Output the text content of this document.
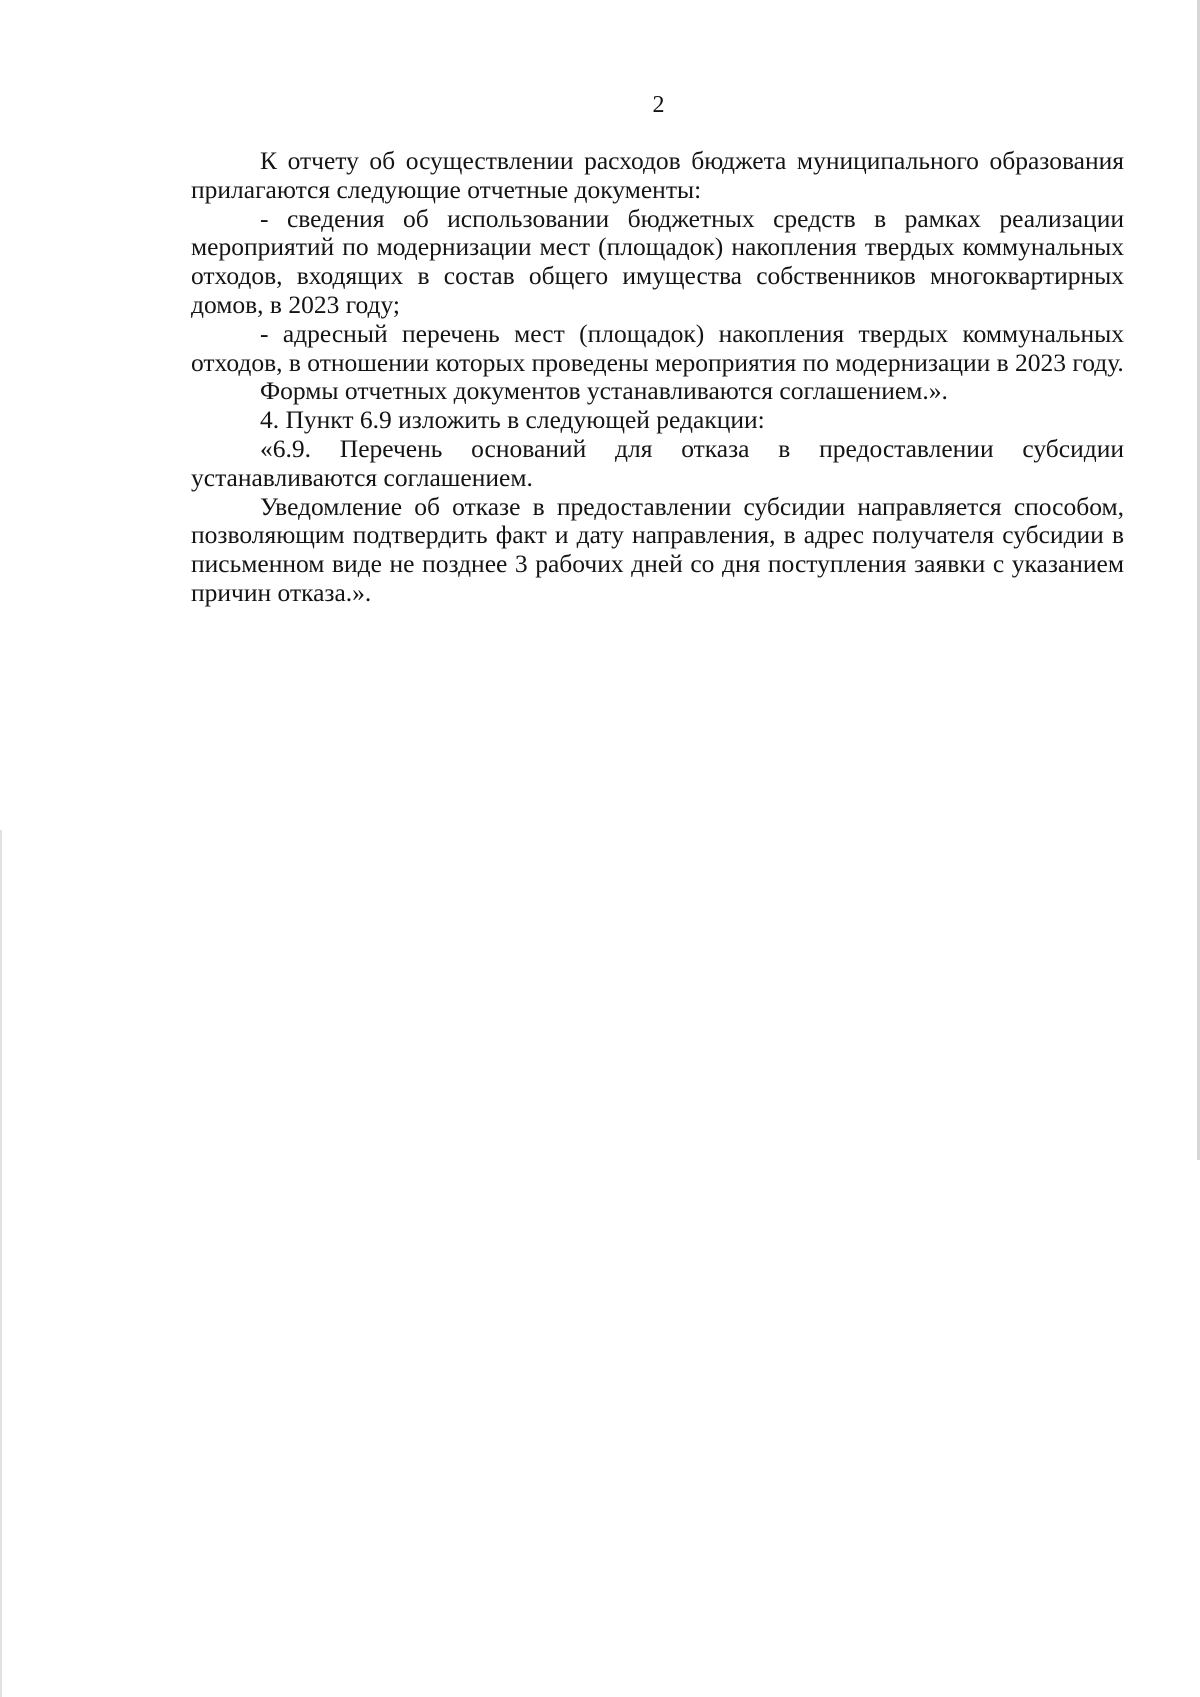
2

К отчету об осуществлении расходов бюджета муниципального образования прилагаются следующие отчетные документы:

- сведения об использовании бюджетных средств в рамках реализации мероприятий по модернизации мест (площадок) накопления твердых коммунальных отходов, входящих в состав общего имущества собственников многоквартирных домов, в 2023 году;

- адресный перечень мест (площадок) накопления твердых коммунальных отходов, в отношении которых проведены мероприятия по модернизации в 2023 году.

Формы отчетных документов устанавливаются соглашением.».

4. Пункт 6.9 изложить в следующей редакции:

«6.9. Перечень оснований для отказа в предоставлении субсидии устанавливаются соглашением.

Уведомление об отказе в предоставлении субсидии направляется способом, позволяющим подтвердить факт и дату направления, в адрес получателя субсидии в письменном виде не позднее 3 рабочих дней со дня поступления заявки с указанием причин отказа.».
